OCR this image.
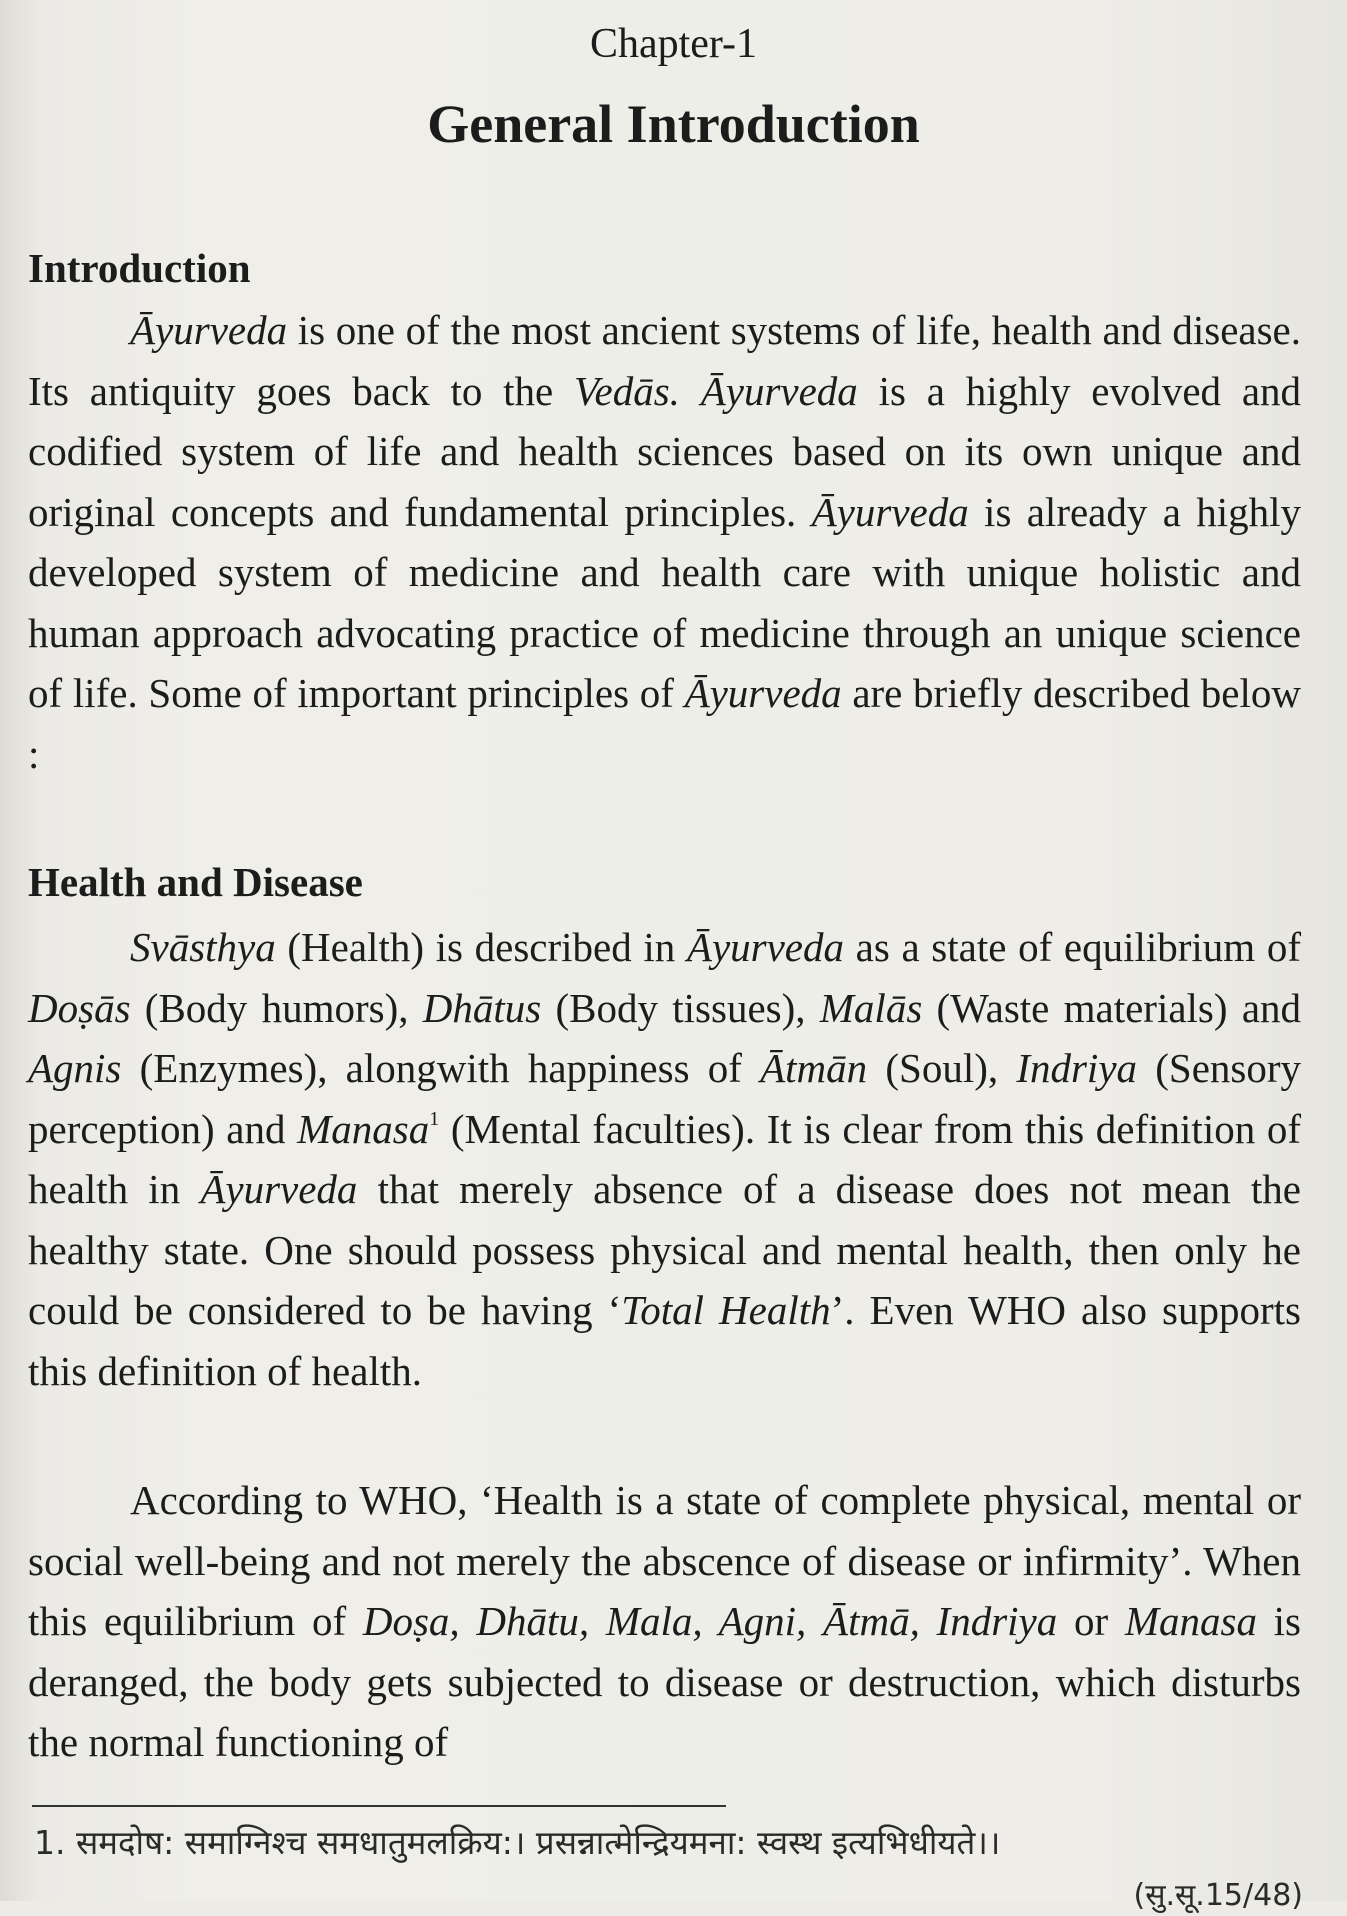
Chapter-1
General Introduction
Introduction
Āyurveda is one of the most ancient systems of life, health and disease. Its antiquity goes back to the Vedās. Āyurveda is a highly evolved and codified system of life and health sciences based on its own unique and original concepts and fundamental principles. Āyurveda is already a highly developed system of medicine and health care with unique holistic and human approach advocating practice of medicine through an unique science of life. Some of important principles of Āyurveda are briefly described below :
Health and Disease
Svāsthya (Health) is described in Āyurveda as a state of equilibrium of Doṣās (Body humors), Dhātus (Body tissues), Malās (Waste materials) and Agnis (Enzymes), alongwith happiness of Ātmān (Soul), Indriya (Sensory perception) and Manasa$^1$ (Mental faculties). It is clear from this definition of health in Āyurveda that merely absence of a disease does not mean the healthy state. One should possess physical and mental health, then only he could be considered to be having ‘Total Health’. Even WHO also supports this definition of health.
According to WHO, ‘Health is a state of complete physical, mental or social well-being and not merely the abscence of disease or infirmity’. When this equilibrium of Doṣa, Dhātu, Mala, Agni, Ātmā, Indriya or Manasa is deranged, the body gets subjected to disease or destruction, which disturbs the normal functioning of
1. समदोष: समाग्निश्च समधातुमलक्रिय:। प्रसन्नात्मेन्द्रियमना: स्वस्थ इत्यभिधीयते।।
(सु.सू.15/48)
